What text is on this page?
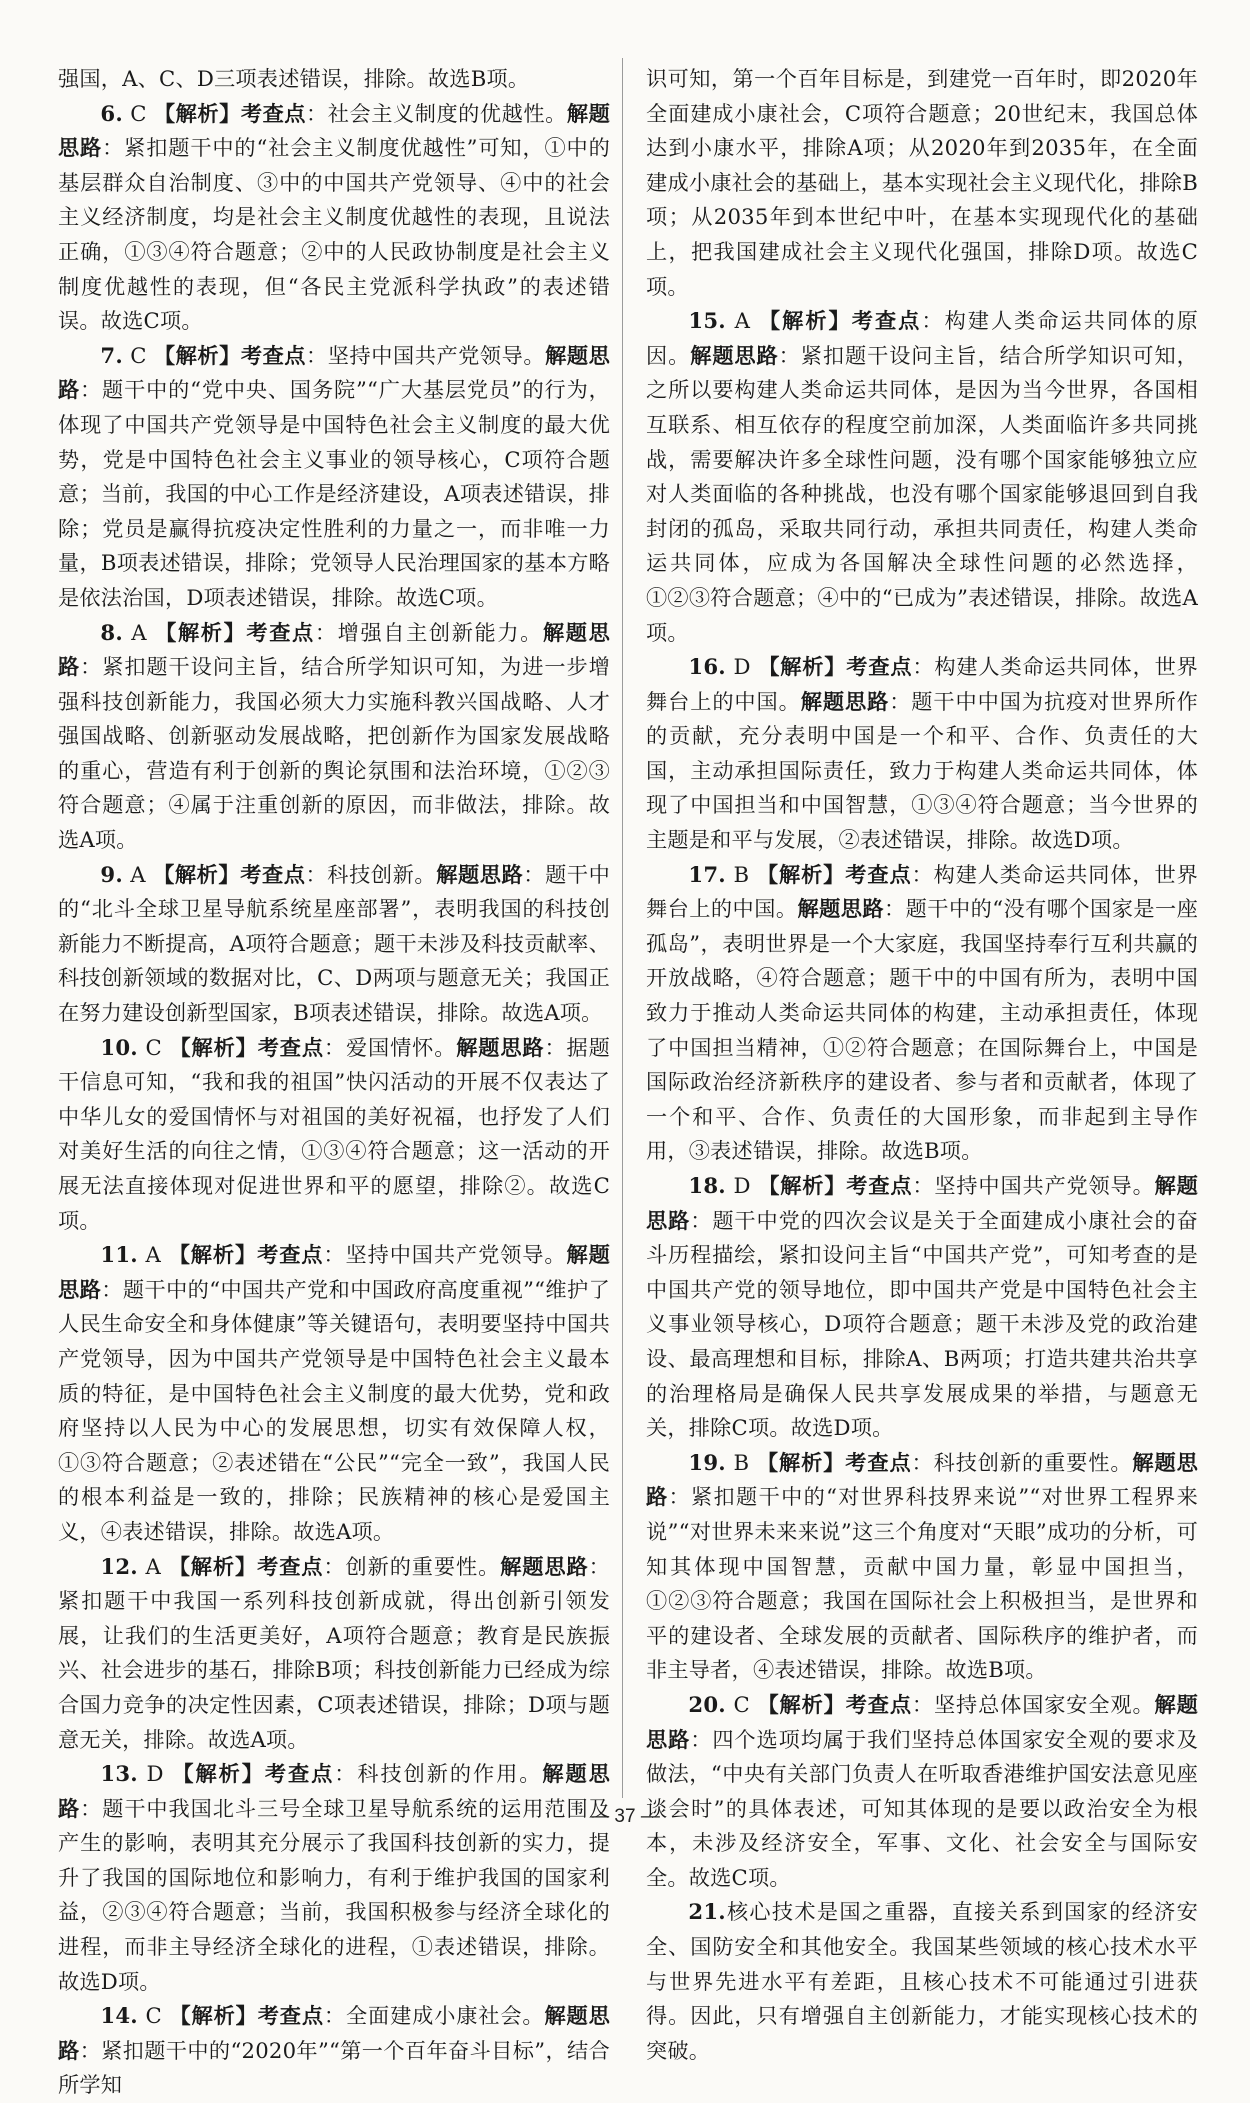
强国，A、C、D三项表述错误，排除。故选B项。

6. C 【解析】考查点：社会主义制度的优越性。解题思路：紧扣题干中的“社会主义制度优越性”可知，①中的基层群众自治制度、③中的中国共产党领导、④中的社会主义经济制度，均是社会主义制度优越性的表现，且说法正确，①③④符合题意；②中的人民政协制度是社会主义制度优越性的表现，但“各民主党派科学执政”的表述错误。故选C项。

7. C 【解析】考查点：坚持中国共产党领导。解题思路：题干中的“党中央、国务院”“广大基层党员”的行为，体现了中国共产党领导是中国特色社会主义制度的最大优势，党是中国特色社会主义事业的领导核心，C项符合题意；当前，我国的中心工作是经济建设，A项表述错误，排除；党员是赢得抗疫决定性胜利的力量之一，而非唯一力量，B项表述错误，排除；党领导人民治理国家的基本方略是依法治国，D项表述错误，排除。故选C项。

8. A 【解析】考查点：增强自主创新能力。解题思路：紧扣题干设问主旨，结合所学知识可知，为进一步增强科技创新能力，我国必须大力实施科教兴国战略、人才强国战略、创新驱动发展战略，把创新作为国家发展战略的重心，营造有利于创新的舆论氛围和法治环境，①②③符合题意；④属于注重创新的原因，而非做法，排除。故选A项。

9. A 【解析】考查点：科技创新。解题思路：题干中的“北斗全球卫星导航系统星座部署”，表明我国的科技创新能力不断提高，A项符合题意；题干未涉及科技贡献率、科技创新领域的数据对比，C、D两项与题意无关；我国正在努力建设创新型国家，B项表述错误，排除。故选A项。

10. C 【解析】考查点：爱国情怀。解题思路：据题干信息可知，“我和我的祖国”快闪活动的开展不仅表达了中华儿女的爱国情怀与对祖国的美好祝福，也抒发了人们对美好生活的向往之情，①③④符合题意；这一活动的开展无法直接体现对促进世界和平的愿望，排除②。故选C项。

11. A 【解析】考查点：坚持中国共产党领导。解题思路：题干中的“中国共产党和中国政府高度重视”“维护了人民生命安全和身体健康”等关键语句，表明要坚持中国共产党领导，因为中国共产党领导是中国特色社会主义最本质的特征，是中国特色社会主义制度的最大优势，党和政府坚持以人民为中心的发展思想，切实有效保障人权，①③符合题意；②表述错在“公民”“完全一致”，我国人民的根本利益是一致的，排除；民族精神的核心是爱国主义，④表述错误，排除。故选A项。

12. A 【解析】考查点：创新的重要性。解题思路：紧扣题干中我国一系列科技创新成就，得出创新引领发展，让我们的生活更美好，A项符合题意；教育是民族振兴、社会进步的基石，排除B项；科技创新能力已经成为综合国力竞争的决定性因素，C项表述错误，排除；D项与题意无关，排除。故选A项。

13. D 【解析】考查点：科技创新的作用。解题思路：题干中我国北斗三号全球卫星导航系统的运用范围及产生的影响，表明其充分展示了我国科技创新的实力，提升了我国的国际地位和影响力，有利于维护我国的国家利益，②③④符合题意；当前，我国积极参与经济全球化的进程，而非主导经济全球化的进程，①表述错误，排除。故选D项。

14. C 【解析】考查点：全面建成小康社会。解题思路：紧扣题干中的“2020年”“第一个百年奋斗目标”，结合所学知

识可知，第一个百年目标是，到建党一百年时，即2020年全面建成小康社会，C项符合题意；20世纪末，我国总体达到小康水平，排除A项；从2020年到2035年，在全面建成小康社会的基础上，基本实现社会主义现代化，排除B项；从2035年到本世纪中叶，在基本实现现代化的基础上，把我国建成社会主义现代化强国，排除D项。故选C项。

15. A 【解析】考查点：构建人类命运共同体的原因。解题思路：紧扣题干设问主旨，结合所学知识可知，之所以要构建人类命运共同体，是因为当今世界，各国相互联系、相互依存的程度空前加深，人类面临许多共同挑战，需要解决许多全球性问题，没有哪个国家能够独立应对人类面临的各种挑战，也没有哪个国家能够退回到自我封闭的孤岛，采取共同行动，承担共同责任，构建人类命运共同体，应成为各国解决全球性问题的必然选择，①②③符合题意；④中的“已成为”表述错误，排除。故选A项。

16. D 【解析】考查点：构建人类命运共同体，世界舞台上的中国。解题思路：题干中中国为抗疫对世界所作的贡献，充分表明中国是一个和平、合作、负责任的大国，主动承担国际责任，致力于构建人类命运共同体，体现了中国担当和中国智慧，①③④符合题意；当今世界的主题是和平与发展，②表述错误，排除。故选D项。

17. B 【解析】考查点：构建人类命运共同体，世界舞台上的中国。解题思路：题干中的“没有哪个国家是一座孤岛”，表明世界是一个大家庭，我国坚持奉行互利共赢的开放战略，④符合题意；题干中的中国有所为，表明中国致力于推动人类命运共同体的构建，主动承担责任，体现了中国担当精神，①②符合题意；在国际舞台上，中国是国际政治经济新秩序的建设者、参与者和贡献者，体现了一个和平、合作、负责任的大国形象，而非起到主导作用，③表述错误，排除。故选B项。

18. D 【解析】考查点：坚持中国共产党领导。解题思路：题干中党的四次会议是关于全面建成小康社会的奋斗历程描绘，紧扣设问主旨“中国共产党”，可知考查的是中国共产党的领导地位，即中国共产党是中国特色社会主义事业领导核心，D项符合题意；题干未涉及党的政治建设、最高理想和目标，排除A、B两项；打造共建共治共享的治理格局是确保人民共享发展成果的举措，与题意无关，排除C项。故选D项。

19. B 【解析】考查点：科技创新的重要性。解题思路：紧扣题干中的“对世界科技界来说”“对世界工程界来说”“对世界未来来说”这三个角度对“天眼”成功的分析，可知其体现中国智慧，贡献中国力量，彰显中国担当，①②③符合题意；我国在国际社会上积极担当，是世界和平的建设者、全球发展的贡献者、国际秩序的维护者，而非主导者，④表述错误，排除。故选B项。

20. C 【解析】考查点：坚持总体国家安全观。解题思路：四个选项均属于我们坚持总体国家安全观的要求及做法，“中央有关部门负责人在听取香港维护国安法意见座谈会时”的具体表述，可知其体现的是要以政治安全为根本，未涉及经济安全，军事、文化、社会安全与国际安全。故选C项。

21.核心技术是国之重器，直接关系到国家的经济安全、国防安全和其他安全。我国某些领域的核心技术水平与世界先进水平有差距，且核心技术不可能通过引进获得。因此，只有增强自主创新能力，才能实现核心技术的突破。

— 37 —
